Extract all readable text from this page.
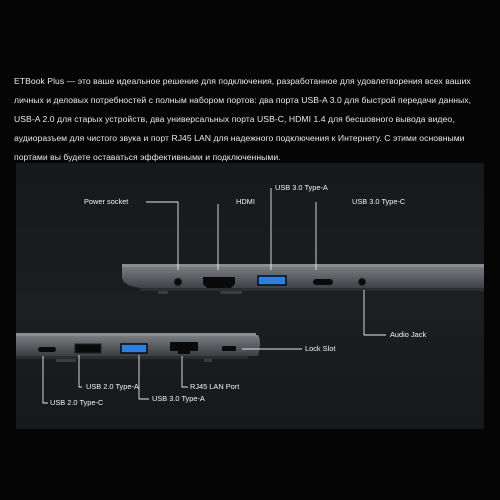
ETBook Plus — это ваше идеальное решение для подключения, разработанное для удовлетворения всех ваших личных и деловых потребностей с полным набором портов: два порта USB-A 3.0 для быстрой передачи данных, USB-A 2.0 для старых устройств, два универсальных порта USB-C, HDMI 1.4 для бесшовного вывода видео, аудиоразъем для чистого звука и порт RJ45 LAN для надежного подключения к Интернету. С этими основными портами вы будете оставаться эффективными и подключенными.
Power socket	HDMI
USB 3.0 Type-A
USB 3.0 Type-C
Audio Jack
Lock Slot
USB 2.0 Type-A	RJ45 LAN Port
USB 3.0 Type-A
USB 2.0 Type-C
